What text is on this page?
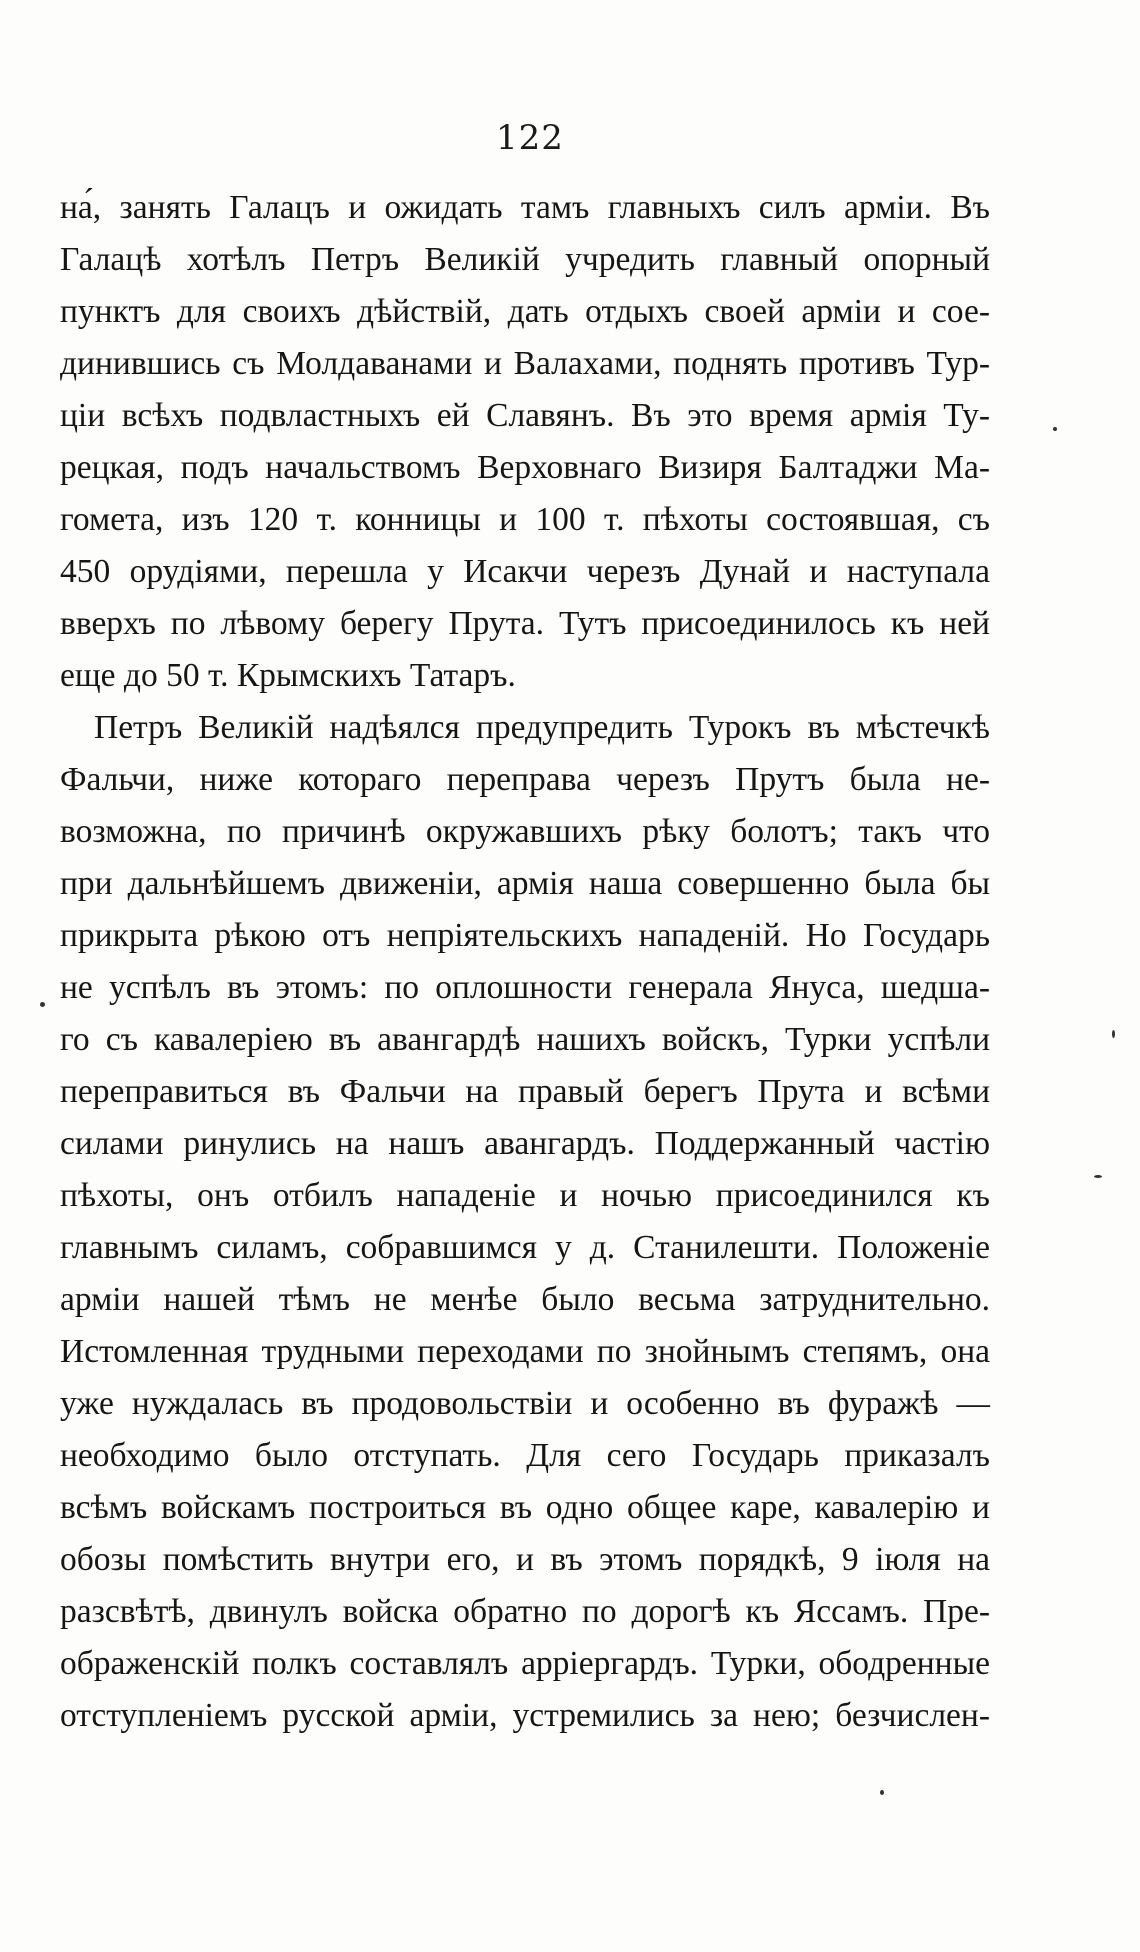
122
на́, занять Галацъ и ожидать тамъ главныхъ силъ арміи. Въ
Галацѣ хотѣлъ Петръ Великій учредить главный опорный
пунктъ для своихъ дѣйствій, дать отдыхъ своей арміи и сое-
динившись съ Молдаванами и Валахами, поднять противъ Тур-
ціи всѣхъ подвластныхъ ей Славянъ. Въ это время армія Ту-
рецкая, подъ начальствомъ Верховнаго Визиря Балтаджи Ма-
гомета, изъ 120 т. конницы и 100 т. пѣхоты состоявшая, съ
450 орудіями, перешла у Исакчи черезъ Дунай и наступала
вверхъ по лѣвому берегу Прута. Тутъ присоединилось къ ней
еще до 50 т. Крымскихъ Татаръ.
Петръ Великій надѣялся предупредить Турокъ въ мѣстечкѣ
Фальчи, ниже котораго переправа черезъ Прутъ была не-
возможна, по причинѣ окружавшихъ рѣку болотъ; такъ что
при дальнѣйшемъ движеніи, армія наша совершенно была бы
прикрыта рѣкою отъ непріятельскихъ нападеній. Но Государь
не успѣлъ въ этомъ: по оплошности генерала Януса, шедша-
го съ кавалеріею въ авангардѣ нашихъ войскъ, Турки успѣли
переправиться въ Фальчи на правый берегъ Прута и всѣми
силами ринулись на нашъ авангардъ. Поддержанный частію
пѣхоты, онъ отбилъ нападеніе и ночью присоединился къ
главнымъ силамъ, собравшимся у д. Станилешти. Положеніе
арміи нашей тѣмъ не менѣе было весьма затруднительно.
Истомленная трудными переходами по знойнымъ степямъ, она
уже нуждалась въ продовольствіи и особенно въ фуражѣ —
необходимо было отступать. Для сего Государь приказалъ
всѣмъ войскамъ построиться въ одно общее каре, кавалерію и
обозы помѣстить внутри его, и въ этомъ порядкѣ, 9 іюля на
разсвѣтѣ, двинулъ войска обратно по дорогѣ къ Яссамъ. Пре-
ображенскій полкъ составлялъ арріергардъ. Турки, ободренные
отступленіемъ русской арміи, устремились за нею; безчислен-
